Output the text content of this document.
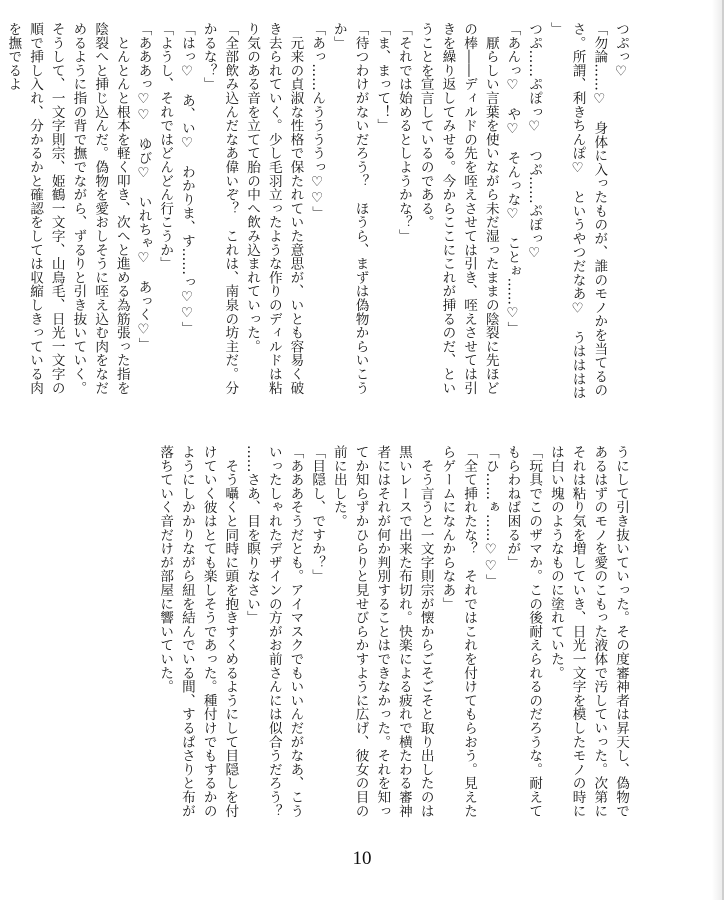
つぷっ♡
「勿論……♡　身体に入ったものが、誰のモノかを当てるのさ。所謂、利きちんぽ♡　というやつだなあ♡　うはははは」
つぷ……ぷぽっ♡　つぷ……ぷぽっ♡
「あんっ♡　や♡　そんっな♡　ことぉ……♡」
　厭らしい言葉を使いながら未だ湿ったままの陰裂に先ほどの棒――ディルドの先を咥えさせては引き、咥えさせては引きを繰り返してみせる。今からここにこれが挿るのだ、ということを宣言しているのである。
「それでは始めるとしようかな？」
「ま、まって！」
「待つわけがないだろう？　ほうら、まずは偽物からいこうか」
「あっ……んううううっ♡♡」
　元来の貞淑な性格で保たれていた意思が、いとも容易く破き去られていく。少し毛羽立ったような作りのディルドは粘り気のある音を立てて胎の中へ飲み込まれていった。
「全部飲み込んだなあ偉いぞ？　これは、南泉の坊主だ。分かるな？」
「はっ♡　あ、い♡　わかりま、す……っ♡♡」
「ようし、それではどんどん行こうか」
「あああっ♡♡　ゆび♡　いれちゃ♡　あっく♡」
　とんとんと根本を軽く叩き、次へと進める為筋張った指を陰裂へと挿じ込んだ。偽物を愛おしそうに咥え込む肉をなだめるように指の背で撫でながら、ずるりと引き抜いていく。そうして、一文字則宗、姫鶴一文字、山鳥毛、日光一文字の順で挿し入れ、分かるかと確認をしては収縮しきっている肉を撫でるよ
うにして引き抜いていった。その度審神者は昇天し、偽物であるはずのモノを愛のこもった液体で汚していった。次第にそれは粘り気を増していき、日光一文字を模したモノの時には白い塊のようなものに塗れていた。
「玩具でこのザマか。この後耐えられるのだろうな。耐えてもらわねば困るが」
「ひ……ぁ……♡♡」
「全て挿れたな？　それではこれを付けてもらおう。見えたらゲームになんからなあ」
　そう言うと一文字則宗が懐からごそごそと取り出したのは黒いレースで出来た布切れ。快楽による疲れで横たわる審神者にはそれが何か判別することはできなかった。それを知ってか知らずかひらりと見せびらかすように広げ、彼女の目の前に出した。
「目隠し、ですか？」
「あああそうだとも。アイマスクでもいいんだがなあ、こういったしゃれたデザインの方がお前さんには似合うだろう？　……さあ、目を瞑りなさい」
　そう囁くと同時に頭を抱きすくめるようにして目隠しを付けていく彼はとても楽しそうであった。種付けでもするかのようにしかかりながら紐を結んでいる間、するぱさりと布が落ちていく音だけが部屋に響いていた。
10
